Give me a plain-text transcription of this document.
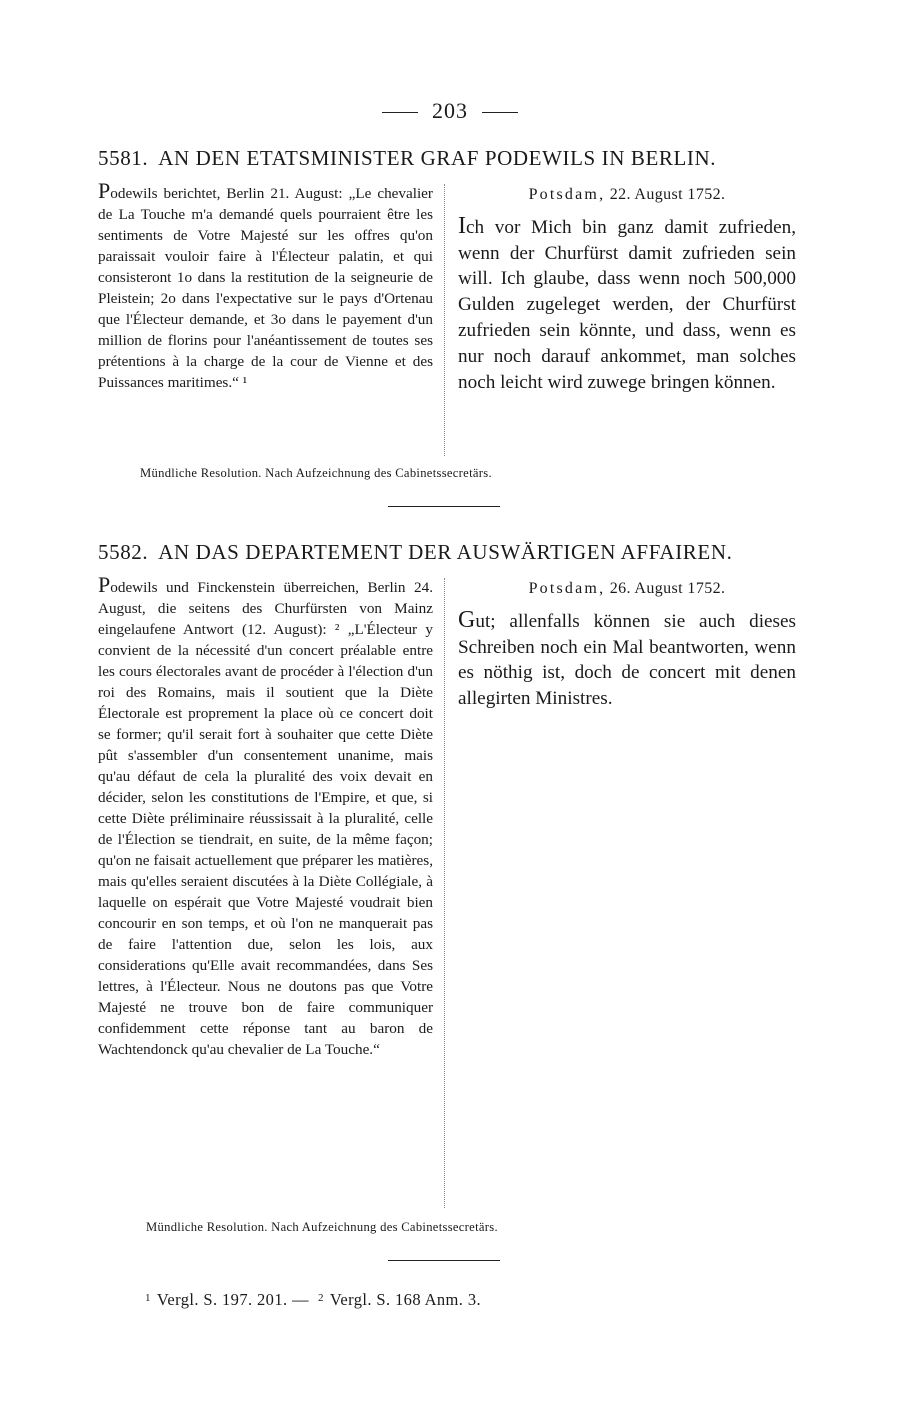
203
5581. AN DEN ETATSMINISTER GRAF PODEWILS IN BERLIN.

Podewils berichtet, Berlin 21. August: „Le chevalier de La Touche m'a demandé quels pourraient être les sentiments de Votre Majesté sur les offres qu'on paraissait vouloir faire à l'Électeur palatin, et qui consisteront 1o dans la restitution de la seigneurie de Pleistein; 2o dans l'expectative sur le pays d'Ortenau que l'Électeur demande, et 3o dans le payement d'un million de florins pour l'anéantissement de toutes ses prétentions à la charge de la cour de Vienne et des Puissances maritimes.“ ¹

Potsdam, 22. August 1752.

Ich vor Mich bin ganz damit zufrieden, wenn der Churfürst damit zufrieden sein will. Ich glaube, dass wenn noch 500,000 Gulden zugeleget werden, der Churfürst zufrieden sein könnte, und dass, wenn es nur noch darauf ankommet, man solches noch leicht wird zuwege bringen können.

Mündliche Resolution. Nach Aufzeichnung des Cabinetssecretärs.
5582. AN DAS DEPARTEMENT DER AUSWÄRTIGEN AFFAIREN.

Podewils und Finckenstein überreichen, Berlin 24. August, die seitens des Churfürsten von Mainz eingelaufene Antwort (12. August): ² „L'Électeur y convient de la nécessité d'un concert préalable entre les cours électorales avant de procéder à l'élection d'un roi des Romains, mais il soutient que la Diète Électorale est proprement la place où ce concert doit se former; qu'il serait fort à souhaiter que cette Diète pût s'assembler d'un consentement unanime, mais qu'au défaut de cela la pluralité des voix devait en décider, selon les constitutions de l'Empire, et que, si cette Diète préliminaire réussissait à la pluralité, celle de l'Élection se tiendrait, en suite, de la même façon; qu'on ne faisait actuellement que préparer les matières, mais qu'elles seraient discutées à la Diète Collégiale, à laquelle on espérait que Votre Majesté voudrait bien concourir en son temps, et où l'on ne manquerait pas de faire l'attention due, selon les lois, aux considerations qu'Elle avait recommandées, dans Ses lettres, à l'Électeur. Nous ne doutons pas que Votre Majesté ne trouve bon de faire communiquer confidemment cette réponse tant au baron de Wachtendonck qu'au chevalier de La Touche.“

Potsdam, 26. August 1752.

Gut; allenfalls können sie auch dieses Schreiben noch ein Mal beantworten, wenn es nöthig ist, doch de concert mit denen allegirten Ministres.

Mündliche Resolution. Nach Aufzeichnung des Cabinetssecretärs.
$^1$ Vergl. S. 197. 201. — $^2$ Vergl. S. 168 Anm. 3.
